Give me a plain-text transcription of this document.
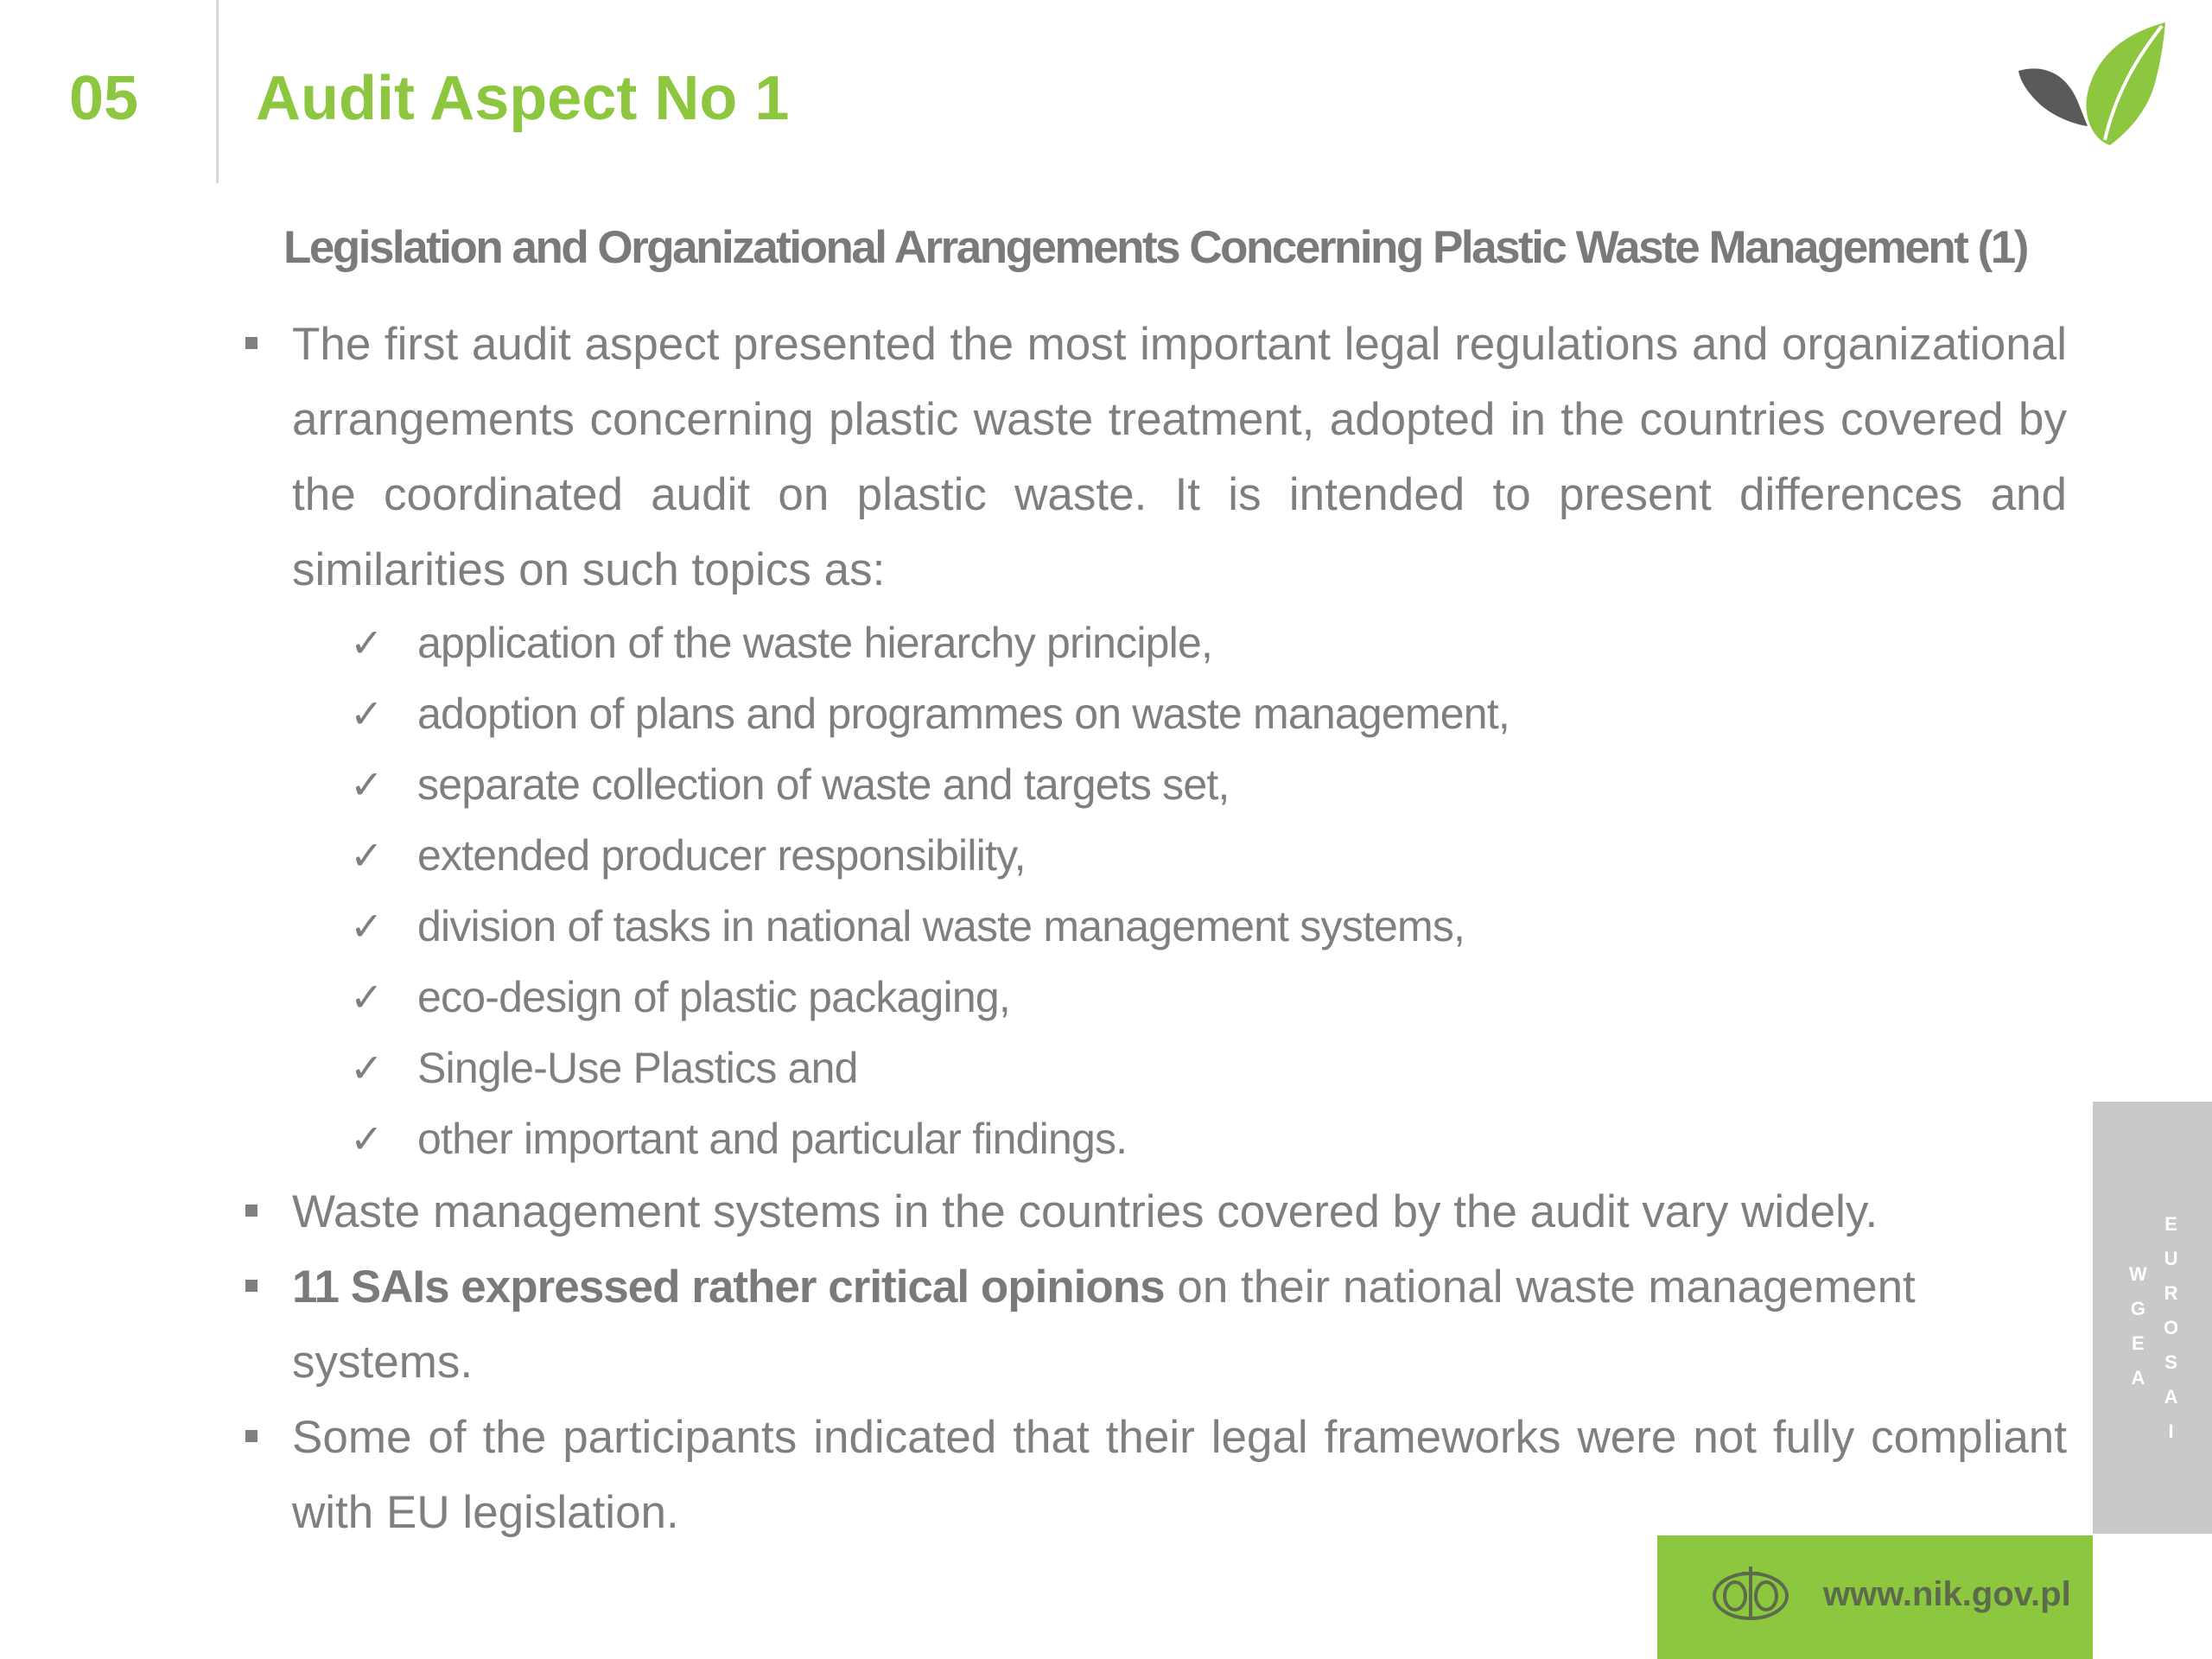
05 Audit Aspect No 1
Legislation and Organizational Arrangements Concerning Plastic Waste Management (1)
The first audit aspect presented the most important legal regulations and organizational arrangements concerning plastic waste treatment, adopted in the countries covered by the coordinated audit on plastic waste. It is intended to present differences and similarities on such topics as:
✓ application of the waste hierarchy principle,
✓ adoption of plans and programmes on waste management,
✓ separate collection of waste and targets set,
✓ extended producer responsibility,
✓ division of tasks in national waste management systems,
✓ eco-design of plastic packaging,
✓ Single-Use Plastics and
✓ other important and particular findings.
Waste management systems in the countries covered by the audit vary widely.
11 SAIs expressed rather critical opinions on their national waste management systems.
Some of the participants indicated that their legal frameworks were not fully compliant with EU legislation.
W
G
E
A
E
U
R
O
S
A
I
www.nik.gov.pl
